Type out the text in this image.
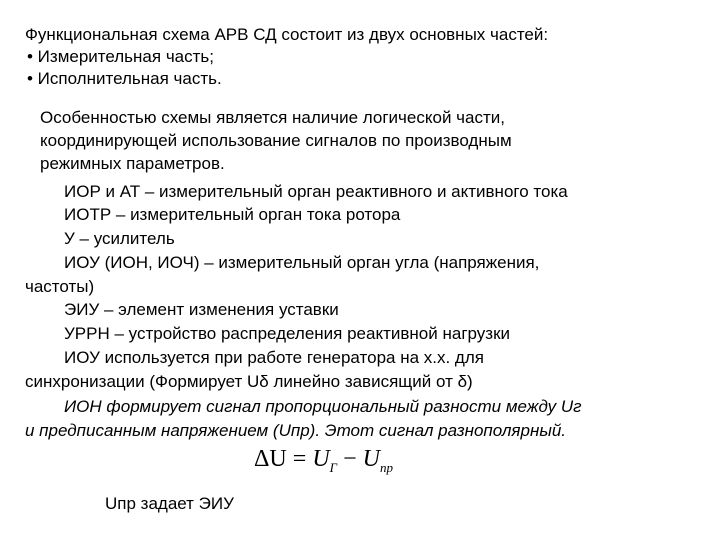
Функциональная схема АРВ СД состоит из двух основных частей:
• Измерительная часть;
• Исполнительная часть.
Особенностью схемы является наличие логической части,
координирующей использование сигналов по производным
режимных параметров.
ИОР и АТ – измерительный орган реактивного и активного тока
ИОТР – измерительный орган тока ротора
У – усилитель
ИОУ (ИОН, ИОЧ) – измерительный орган угла (напряжения,
частоты)
ЭИУ – элемент изменения уставки
УРРН – устройство распределения реактивной нагрузки
ИОУ используется при работе генератора на х.х. для
синхронизации (Формирует Uδ линейно зависящий от δ)
ИОН формирует сигнал пропорциональный разности между Uг
и предписанным напряжением (Uпр). Этот сигнал разнополярный.
$\Delta U = U_Г - U_{пр}$
Uпр задает ЭИУ
